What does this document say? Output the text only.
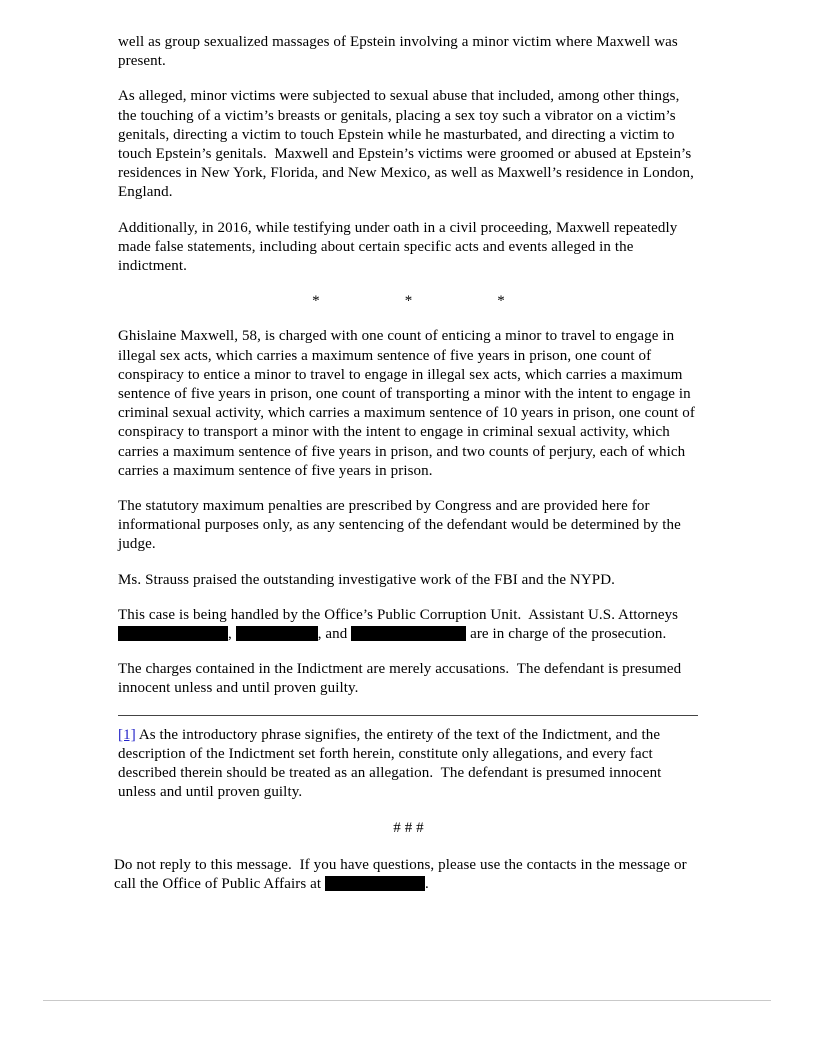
well as group sexualized massages of Epstein involving a minor victim where Maxwell was present.

As alleged, minor victims were subjected to sexual abuse that included, among other things, the touching of a victim’s breasts or genitals, placing a sex toy such a vibrator on a victim’s genitals, directing a victim to touch Epstein while he masturbated, and directing a victim to touch Epstein’s genitals.  Maxwell and Epstein’s victims were groomed or abused at Epstein’s residences in New York, Florida, and New Mexico, as well as Maxwell’s residence in London, England.

Additionally, in 2016, while testifying under oath in a civil proceeding, Maxwell repeatedly made false statements, including about certain specific acts and events alleged in the indictment.

*	*	*

Ghislaine Maxwell, 58, is charged with one count of enticing a minor to travel to engage in illegal sex acts, which carries a maximum sentence of five years in prison, one count of conspiracy to entice a minor to travel to engage in illegal sex acts, which carries a maximum sentence of five years in prison, one count of transporting a minor with the intent to engage in criminal sexual activity, which carries a maximum sentence of 10 years in prison, one count of conspiracy to transport a minor with the intent to engage in criminal sexual activity, which carries a maximum sentence of five years in prison, and two counts of perjury, each of which carries a maximum sentence of five years in prison.

The statutory maximum penalties are prescribed by Congress and are provided here for informational purposes only, as any sentencing of the defendant would be determined by the judge.

Ms. Strauss praised the outstanding investigative work of the FBI and the NYPD.

This case is being handled by the Office’s Public Corruption Unit.  Assistant U.S. Attorneys ,	, and	are in charge of the prosecution.

The charges contained in the Indictment are merely accusations.  The defendant is presumed innocent unless and until proven guilty.

[1] As the introductory phrase signifies, the entirety of the text of the Indictment, and the description of the Indictment set forth herein, constitute only allegations, and every fact described therein should be treated as an allegation.  The defendant is presumed innocent unless and until proven guilty.

# # #

Do not reply to this message.  If you have questions, please use the contacts in the message or call the Office of Public Affairs at	.
